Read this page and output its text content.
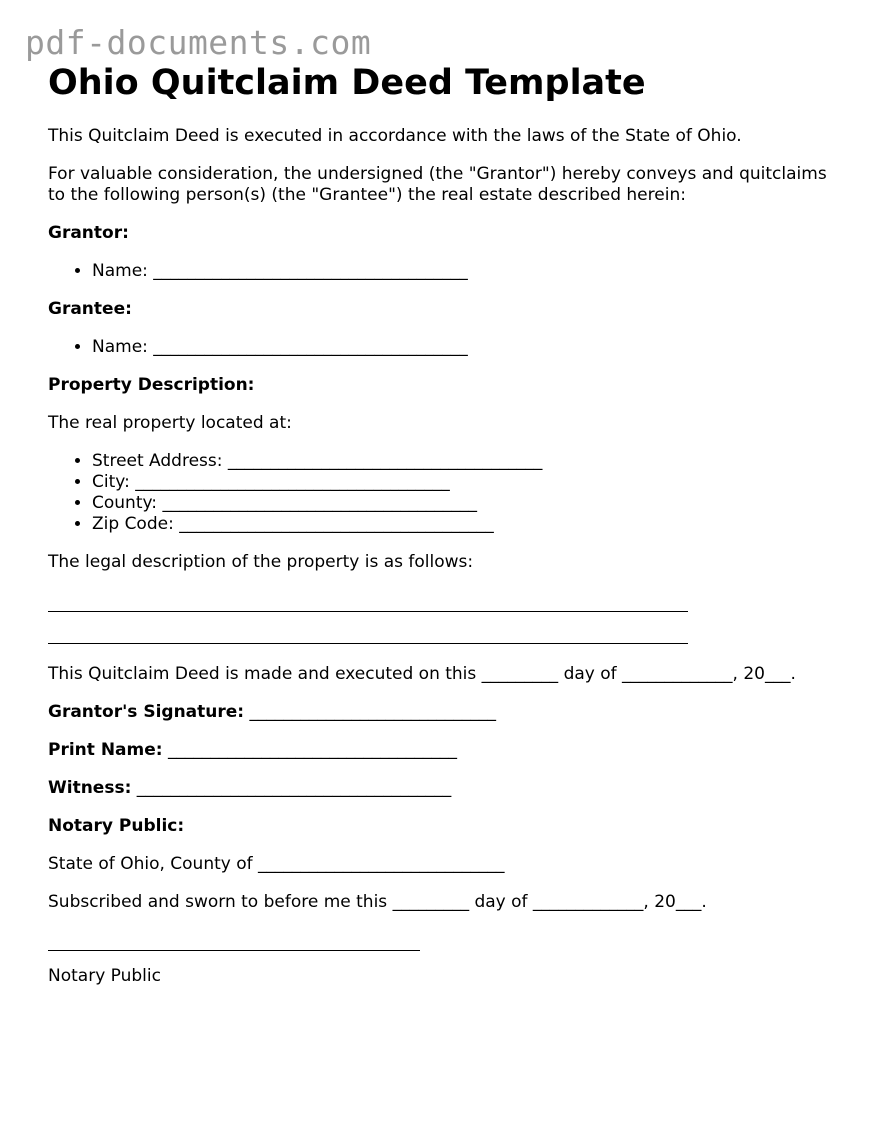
pdf-documents.com
Ohio Quitclaim Deed Template

This Quitclaim Deed is executed in accordance with the laws of the State of Ohio.

For valuable consideration, the undersigned (the "Grantor") hereby conveys and quitclaims to the following person(s) (the "Grantee") the real estate described herein:

Grantor:

• Name: _____________________________________

Grantee:

• Name: _____________________________________

Property Description:

The real property located at:

• Street Address: _____________________________________
• City: _____________________________________
• County: _____________________________________
• Zip Code: _____________________________________

The legal description of the property is as follows:

This Quitclaim Deed is made and executed on this _________ day of _____________, 20___.

Grantor's Signature: _____________________________

Print Name: __________________________________

Witness: _____________________________________

Notary Public:

State of Ohio, County of _____________________________

Subscribed and sworn to before me this _________ day of _____________, 20___.

Notary Public
